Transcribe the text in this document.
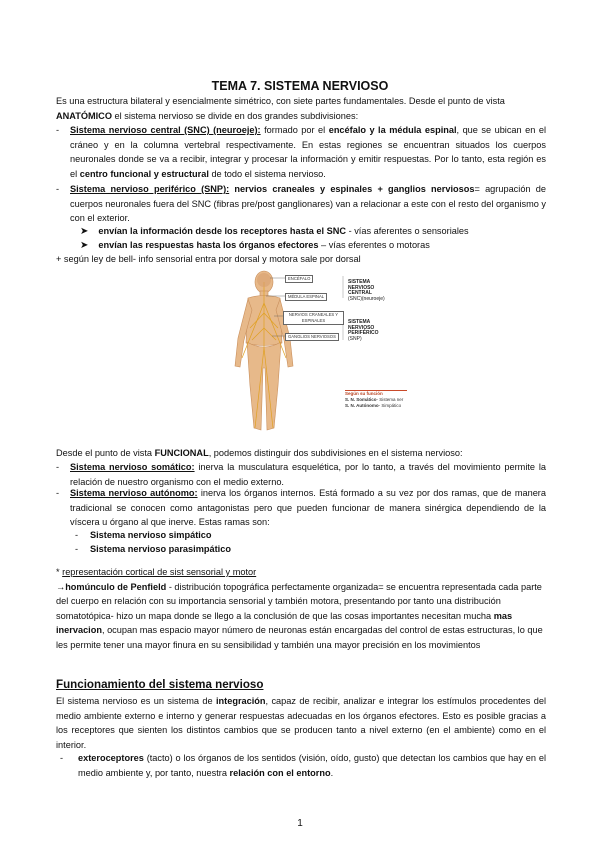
TEMA 7. SISTEMA NERVIOSO
Es una estructura bilateral y esencialmente simétrico, con siete partes fundamentales. Desde el punto de vista ANATÓMICO el sistema nervioso se divide en dos grandes subdivisiones:
- Sistema nervioso central (SNC) (neuroeje): formado por el encéfalo y la médula espinal, que se ubican en el cráneo y en la columna vertebral respectivamente. En estas regiones se encuentran situados los cuerpos neuronales donde se va a recibir, integrar y procesar la información y emitir respuestas. Por lo tanto, esta región es el centro funcional y estructural de todo el sistema nervioso.
- Sistema nervioso periférico (SNP): nervios craneales y espinales + ganglios nerviosos= agrupación de cuerpos neuronales fuera del SNC (fibras pre/post ganglionares) van a relacionar a este con el resto del organismo y con el exterior.
➤ envían la información desde los receptores hasta el SNC - vías aferentes o sensoriales
➤ envían las respuestas hasta los órganos efectores – vías eferentes o motoras
+ según ley de bell- info sensorial entra por dorsal y motora sale por dorsal
ENCÉFALO
MÉDULA ESPINAL
NERVIOS CRANEALES Y ESPINALES
GANGLIOS NERVIOSOS
SISTEMA NERVIOSO CENTRAL
(SNC)(neuroeje)
SISTEMA NERVIOSO PERIFÉRICO
(SNP)
Según su función
S. N. Somático- Sistema ner
S. N. Autónomo- Simpático
Desde el punto de vista FUNCIONAL, podemos distinguir dos subdivisiones en el sistema nervioso:
- Sistema nervioso somático: inerva la musculatura esquelética, por lo tanto, a través del movimiento permite la relación de nuestro organismo con el medio externo.
- Sistema nervioso autónomo: inerva los órganos internos. Está formado a su vez por dos ramas, que de manera tradicional se conocen como antagonistas pero que pueden funcionar de manera sinérgica dependiendo de la víscera u órgano al que inerve. Estas ramas son:
- Sistema nervioso simpático
- Sistema nervioso parasimpático
* representación cortical de sist sensorial y motor
→homúnculo de Penfield - distribución topográfica perfectamente organizada= se encuentra representada cada parte del cuerpo en relación con su importancia sensorial y también motora, presentando por tanto una distribución somatotópica- hizo un mapa donde se llego a la conclusión de que las cosas importantes necesitan mucha mas inervacion, ocupan mas espacio mayor número de neuronas están encargadas del control de estas estructuras, lo que les permite tener una mayor finura en su sensibilidad y también una mayor precisión en los movimientos
Funcionamiento del sistema nervioso
El sistema nervioso es un sistema de integración, capaz de recibir, analizar e integrar los estímulos procedentes del medio ambiente externo e interno y generar respuestas adecuadas en los órganos efectores. Esto es posible gracias a los receptores que sienten los distintos cambios que se producen tanto a nivel externo (en el ambiente) como en el interior.
- exteroceptores (tacto) o los órganos de los sentidos (visión, oído, gusto) que detectan los cambios que hay en el medio ambiente y, por tanto, nuestra relación con el entorno.
1
